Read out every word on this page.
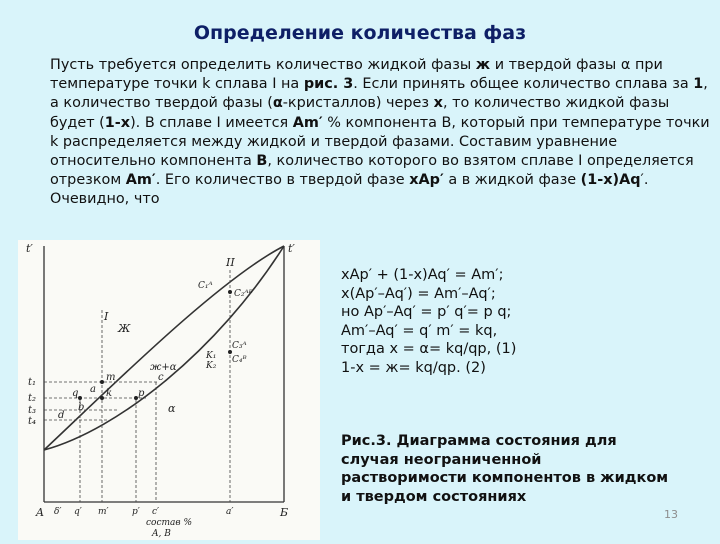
Определение количества фаз
Пусть требуется определить количество жидкой фазы ж и твердой фазы α при температуре точки k сплава I на рис. 3. Если принять общее количество сплава за 1, а количество твердой фазы (α-кристаллов) через x, то количество жидкой фазы будет (1-x). В сплаве I имеется Am′ % компонента В, который при температуре точки k распределяется между жидкой и твердой фазами. Составим уравнение относительно компонента В, количество которого во взятом сплаве I определяется отрезком Am′. Его количество в твердой фазе xAp′ а в жидкой фазе (1-x)Aq′. Очевидно, что
t′	t′
t₁
t₂
t₃
t₄
Ж
ж+α
α
I
II
m
a k	p
q
b
c
d
C₁ᴬ
C₂ᴬᴮ
K₁
K₂
C₃ᴬ
C₄ᴮ
δ′ q′ m′	p′ c′	a′
A	Б
состав %
A, B
xAp′ + (1-x)Aq′ = Am′;
x(Ap′–Aq′) = Am′–Aq′;
но Ap′–Aq′ = p′ q′= p q;
Am′–Aq′ = q′ m′ = kq,
тогда x = α= kq/qp, (1)
1-x = ж= kq/qp. (2)
Рис.3. Диаграмма состояния для случая неограниченной растворимости компонентов в жидком и твердом состояниях
13
